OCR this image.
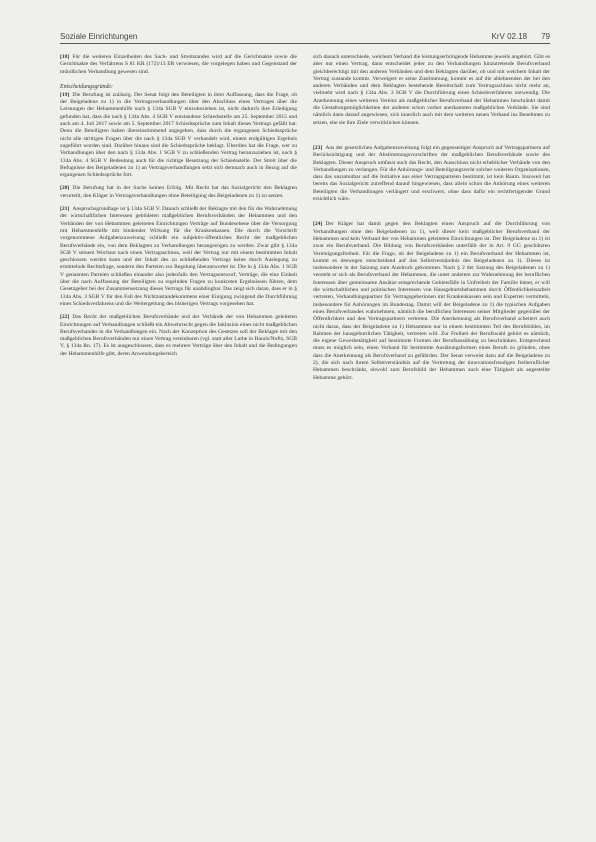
Soziale Einrichtungen	KrV 02.18 79

[18] Für die weiteren Einzelheiten des Sach- und Streitstandes wird auf die Gerichtsakte sowie die Gerichtsakte des Verfahrens S 81 KR (172)/13 ER verwiesen, die vorgelegen haben und Gegenstand der mündlichen Verhandlung gewesen sind.

Entscheidungsgründe:

[19] Die Berufung ist zulässig. Der Senat folgt den Beteiligten in ihrer Auffassung, dass die Frage, ob der Beigeladene zu 1) in die Vertragsverhandlungen über den Abschluss eines Vertrages über die Leistungen der Hebammenhilfe nach § 134a SGB V einzubeziehen ist, nicht dadurch ihre Erledigung gefunden hat, dass die nach § 134a Abs. 4 SGB V entstandene Schiedsstelle am 25. September 2015 und auch am 4. Juli 2017 sowie am 5. September 2017 Schiedssprüche zum Inhalt dieses Vertrags gefällt hat. Denn die Beteiligten haben übereinstimmend angegeben, dass durch die ergangenen Schiedssprüche nicht alle strittigen Fragen über die nach § 134a SGB V verhandelt wird, einem endgültigen Ergebnis zugeführt worden sind. Darüber hinaus sind die Schiedssprüche beklagt. Überdies hat die Frage, wer zu Verhandlungen über den nach § 134a Abs. 1 SGB V zu schließenden Vertrag heranzuziehen ist, nach § 134a Abs. 4 SGB V Bedeutung auch für die richtige Besetzung der Schiedsstelle. Der Streit über die Befugnisse des Beigeladenen zu 1) an Vertragsverhandlungen setzt sich demnach auch in Bezug auf die ergangenen Schiedssprüche fort.

[20] Die Berufung hat in der Sache keinen Erfolg. Mit Recht hat das Sozialgericht den Beklagten verurteilt, den Kläger in Vertragsverhandlungen ohne Beteiligung des Beigeladenen zu 1) zu setzen.

[21] Anspruchsgrundlage ist § 134a SGB V. Danach schließt der Beklagte mit den für die Wahrnehmung der wirtschaftlichen Interessen gebildeten maßgeblichen Berufsverbänden der Hebammen und den Verbänden der von Hebammen geleiteten Einrichtungen Verträge auf Bundesebene über die Versorgung mit Hebammenhilfe mit bindender Wirkung für die Krankenkassen. Die durch die Vorschrift vorgenommene Aufgabenzuweisung schließt ein subjektiv-öffentliches Recht der maßgeblichen Berufsverbände ein, von dem Beklagten zu Verhandlungen herangezogen zu werden. Zwar gibt § 134a SGB V seinem Wortlaut nach einen Vertragsschluss, weil der Vertrag nur mit einem bestimmten Inhalt geschlossen werden kann und der Inhalt des zu schließenden Vertrags keine durch Auslegung zu ermittelnde Rechtsfrage, sondern den Parteien zur Regelung überantwortet ist. Die in § 134a Abs. 1 SGB V genannten Parteien schließen einander also jedenfalls den Vertragsentwurf, Verträge, die eine Einheit über die nach Auffassung der Beteiligten zu regelnden Fragen zu konkreten Ergebnissen führen, dem Gesetzgeber bei der Zusammensetzung dieses Vertrags für unabdingbar. Das zeigt sich daran, dass er in § 134a Abs. 3 SGB V für den Fall des Nichtzustandekommens einer Einigung zwingend die Durchführung eines Schiedsverfahrens und die Weitergeltung des bisherigen Vertrags vorgesehen hat.

[22] Das Recht der maßgeblichen Berufsverbände und der Verbände der von Hebammen geleiteten Einrichtungen auf Verhandlungen schließt ein Abwehrrecht gegen die Inklusion eines nicht maßgeblichen Berufsverbandes in die Verhandlungen ein. Nach der Konzeption des Gesetzes soll der Beklagte mit den maßgeblichen Berufsverbänden nur einen Vertrag vereinbaren (vgl. statt aller Luthe in Hauck/Noftz, SGB V, § 134a Rn. 17). Es ist ausgeschlossen, dass es mehrere Verträge über den Inhalt und die Bedingungen der Hebammenhilfe gibt, deren Anwendungsbereich

sich danach unterschiede, welchem Verband die leistungserbringende Hebamme jeweils angehört. Gibt es aber nur einen Vertrag, dann entscheidet jeder zu den Verhandlungen hinzutretende Berufsverband gleichberechtigt mit den anderen Verbänden und dem Beklagten darüber, ob und mit welchem Inhalt der Vertrag zustande kommt. Verweigert er seine Zustimmung, kommt es auf die ablehnenden der bei den anderen Verbänden und dem Beklagten bestehende Bereitschaft zum Vertragsschluss nicht mehr an, vielmehr wird nach § 134a Abs. 3 SGB V die Durchführung eines Schiedsverfahrens notwendig. Die Anerkennung eines weiteren Vereins als maßgeblicher Berufsverband der Hebammen beschränkt damit die Gestaltungsmöglichkeiten der anderen schon vorher anerkannten maßgeblichen Verbände. Sie sind nämlich dann darauf angewiesen, sich innerlich auch mit dem weiteren neuen Verband ins Benehmen zu setzen, ehe sie ihre Ziele verwirklichen können.

[23] Aus der gesetzlichen Aufgabenzuweisung folgt ein gegenseitiger Anspruch auf Vertragspartnern auf Berücksichtigung und der Abstimmungsvorschriften der maßgeblichen Berufsverbände sowie des Beklagten. Dieser Anspruch umfasst auch das Recht, den Ausschluss nicht erheblicher Verbände von den Verhandlungen zu verlangen. Für die Anhörungs- und Beteiligungsrecht solcher weiteren Organisationen, dass das unzumutbar auf die Initiative aus einer Vertragsparteien bestimmt, ist kein Raum. Insoweit hat bereits das Sozialgericht zutreffend darauf hingewiesen, dass allein schon die Anhörung eines weiteren Beteiligten die Verhandlungen verlängert und erschwert, ohne dass dafür ein rechtfertigender Grund ersichtlich wäre.

[24] Der Kläger hat damit gegen den Beklagten einen Anspruch auf die Durchführung von Verhandlungen ohne den Beigeladenen zu 1), weil dieser kein maßgeblicher Berufsverband der Hebammen und kein Verband der von Hebammen geleiteten Einrichtungen ist. Der Beigeladene zu 1) ist zwar ein Berufsverband. Die Bildung von Berufsverbänden unterfällt der in Art. 9 GG geschützten Vereinigungsfreiheit. Für die Frage, ob der Beigeladene zu 1) ein Berufsverband der Hebammen ist, kommt es deswegen entscheidend auf das Selbstverständnis des Beigeladenen zu 1). Dieses ist insbesondere in der Satzung zum Ausdruck gekommen. Nach § 2 der Satzung des Beigeladenen zu 1) versteht er sich als Berufsverband der Hebammen, die unter anderem zur Wahrnehmung der beruflichen Interessen über gemeinsame Ansätze entsprechende Gebietsfälle in Unfreiheit der Familie bietet, er will die wirtschaftlichen und politischen Interessen von Hausgeburtshebammen durch Öffentlichkeitsarbeit vertreten, Verhandlungspartner für Vertragsgeberinnen mit Krankenkassen sein und Experten vermitteln, insbesondere für Anhörungen im Bundestag. Damit will der Beigeladene zu 1) die typischen Aufgaben eines Berufsverbandes wahrnehmen, nämlich die beruflichen Interessen seiner Mitglieder gegenüber der Öffentlichkeit und den Vertragspartnern vertreten. Die Anerkennung als Berufsverband scheitert auch nicht daran, dass der Beigeladene zu 1) Hebammen nur in einem bestimmten Teil des Berufsbildes, im Rahmen der hausgeburtlichen Tätigkeit, vertreten will. Zur Freiheit der Berufswahl gehört es nämlich, die eigene Gewerbetätigkeit auf bestimmte Formen der Berufsausübung zu beschränken. Entsprechend muss es möglich sein, einen Verband für bestimmte Ausübungsformen eines Berufs zu gründen, ohne dass die Anerkennung als Berufsverband zu gefährden. Der Senat verweist dazu auf die Beigeladene zu 2), die sich nach ihrem Selbstverständnis auf die Vertretung der innovationsfreudigen freiberuflicher Hebammen beschränkt, obwohl zum Berufsbild der Hebammen auch eine Tätigkeit als angestellte Hebamme gehört.
